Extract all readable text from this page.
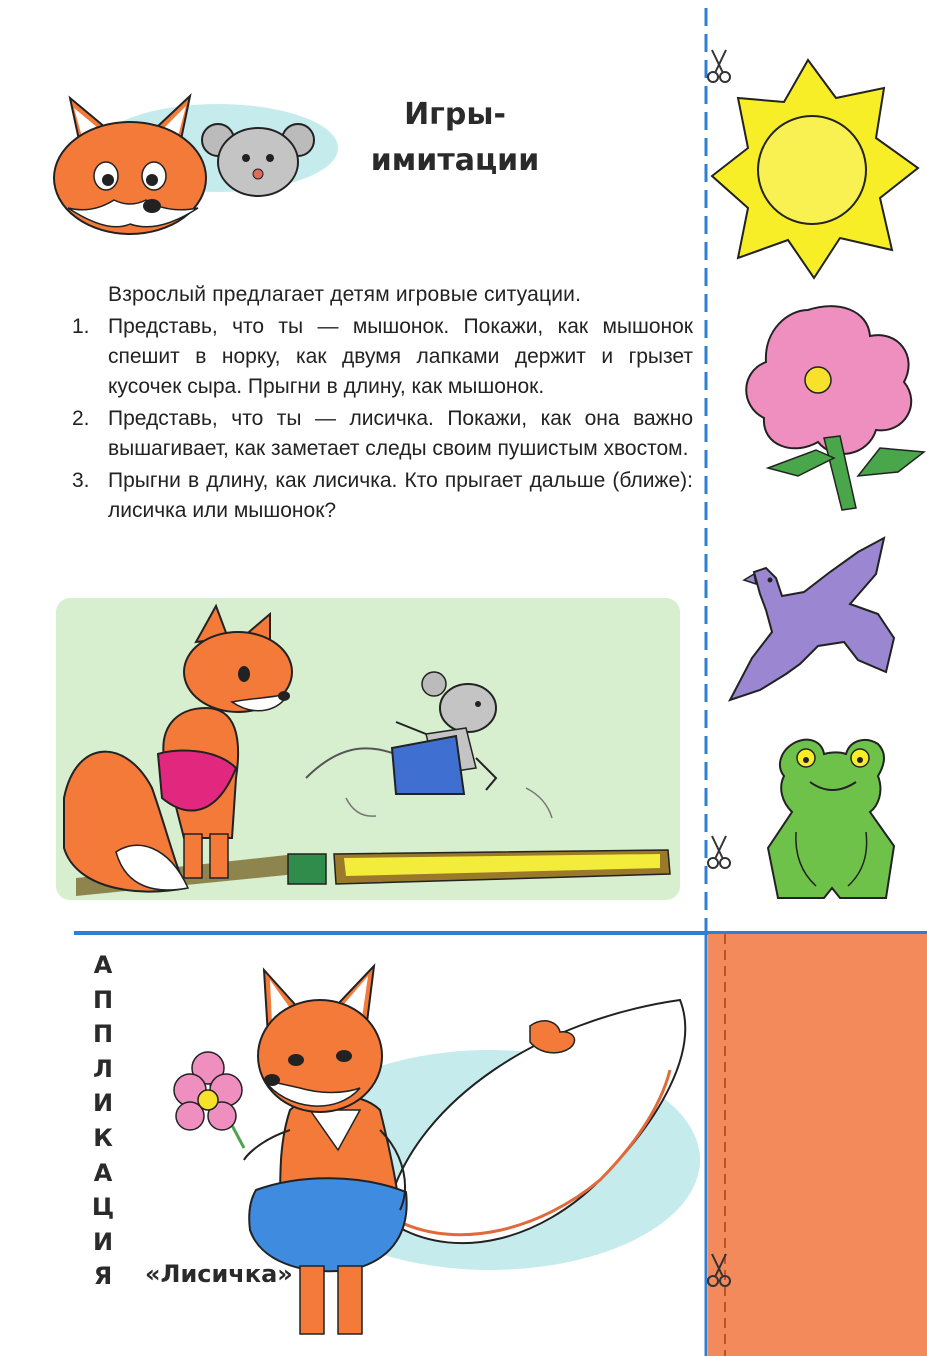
Игры-
имитации
Взрослый предлагает детям игровые ситуации.
1. Представь, что ты — мышонок. Покажи, как мышонок спешит в норку, как двумя лапками держит и грызет кусочек сыра. Прыгни в длину, как мышонок.
2. Представь, что ты — лисичка. Покажи, как она важно вышагивает, как заметает следы своим пушистым хвостом.
3. Прыгни в длину, как лисичка. Кто прыгает дальше (ближе): лисичка или мышонок?
А
П
П
Л
И
К
А
Ц
И
Я «Лисичка»
